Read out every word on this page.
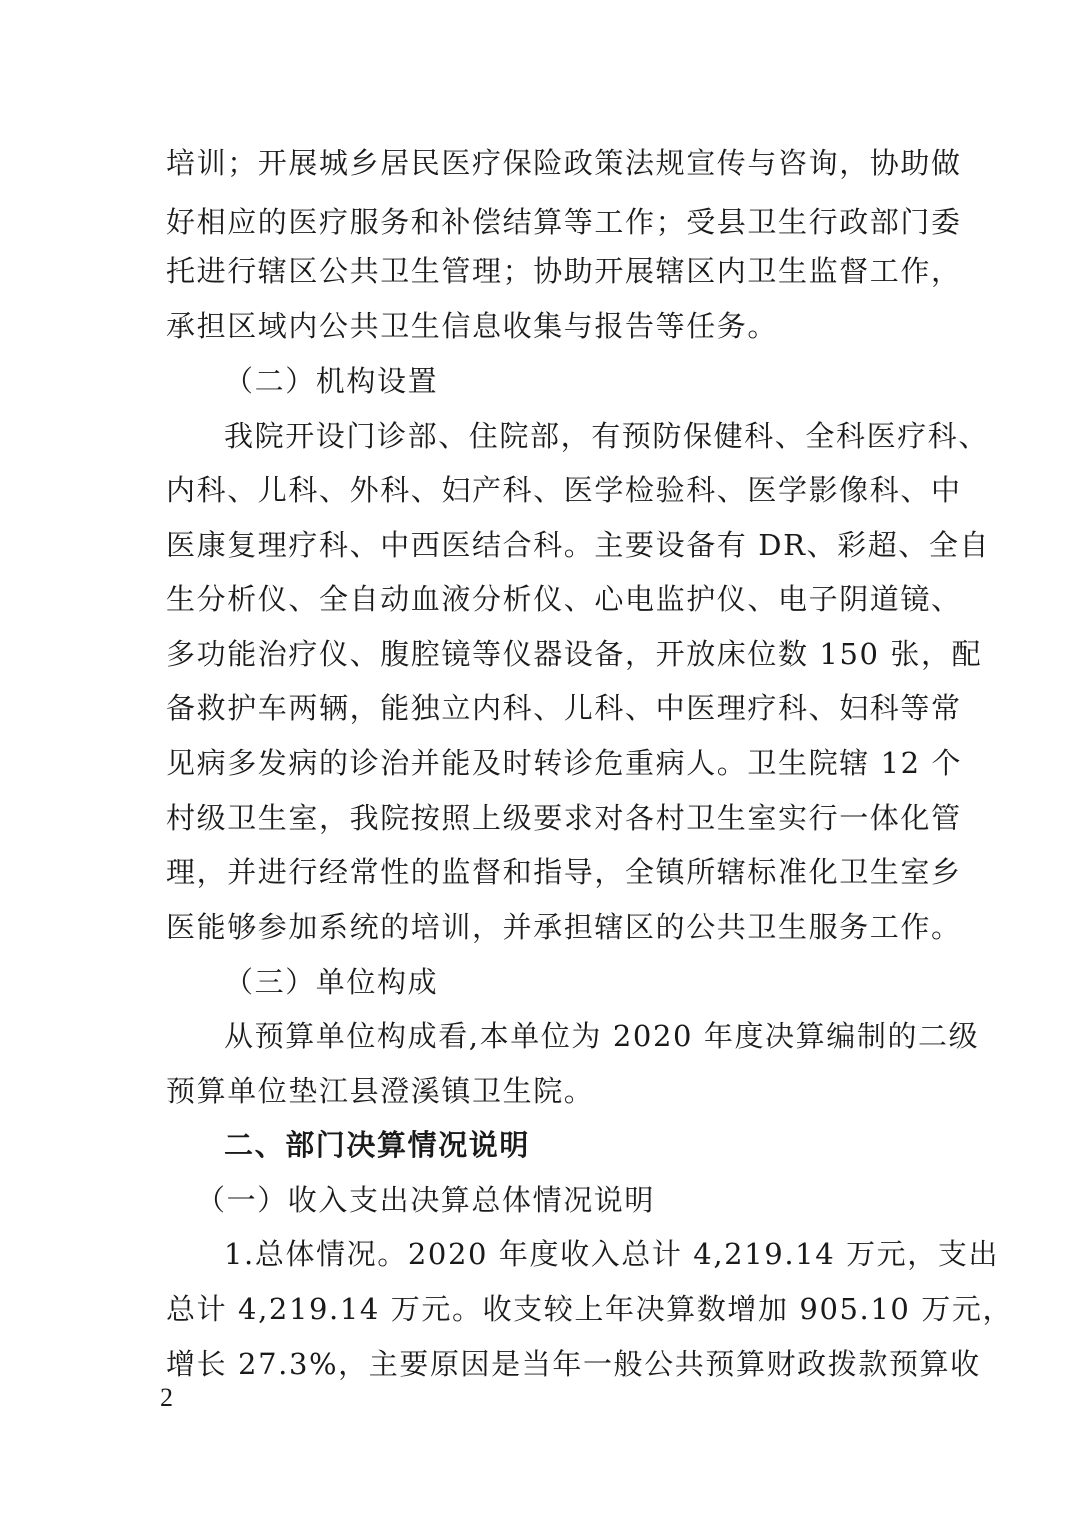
培训；开展城乡居民医疗保险政策法规宣传与咨询，协助做
好相应的医疗服务和补偿结算等工作；受县卫生行政部门委
托进行辖区公共卫生管理；协助开展辖区内卫生监督工作，
承担区域内公共卫生信息收集与报告等任务。
（二）机构设置
我院开设门诊部、住院部，有预防保健科、全科医疗科、
内科、儿科、外科、妇产科、医学检验科、医学影像科、中
医康复理疗科、中西医结合科。主要设备有 DR、彩超、全自
生分析仪、全自动血液分析仪、心电监护仪、电子阴道镜、
多功能治疗仪、腹腔镜等仪器设备，开放床位数 150 张，配
备救护车两辆，能独立内科、儿科、中医理疗科、妇科等常
见病多发病的诊治并能及时转诊危重病人。卫生院辖 12 个
村级卫生室，我院按照上级要求对各村卫生室实行一体化管
理，并进行经常性的监督和指导，全镇所辖标准化卫生室乡
医能够参加系统的培训，并承担辖区的公共卫生服务工作。
（三）单位构成
从预算单位构成看,本单位为 2020 年度决算编制的二级
预算单位垫江县澄溪镇卫生院。
二、部门决算情况说明
（一）收入支出决算总体情况说明
1.总体情况。2020 年度收入总计 4,219.14 万元，支出
总计 4,219.14 万元。收支较上年决算数增加 905.10 万元，
增长 27.3%，主要原因是当年一般公共预算财政拨款预算收
2
